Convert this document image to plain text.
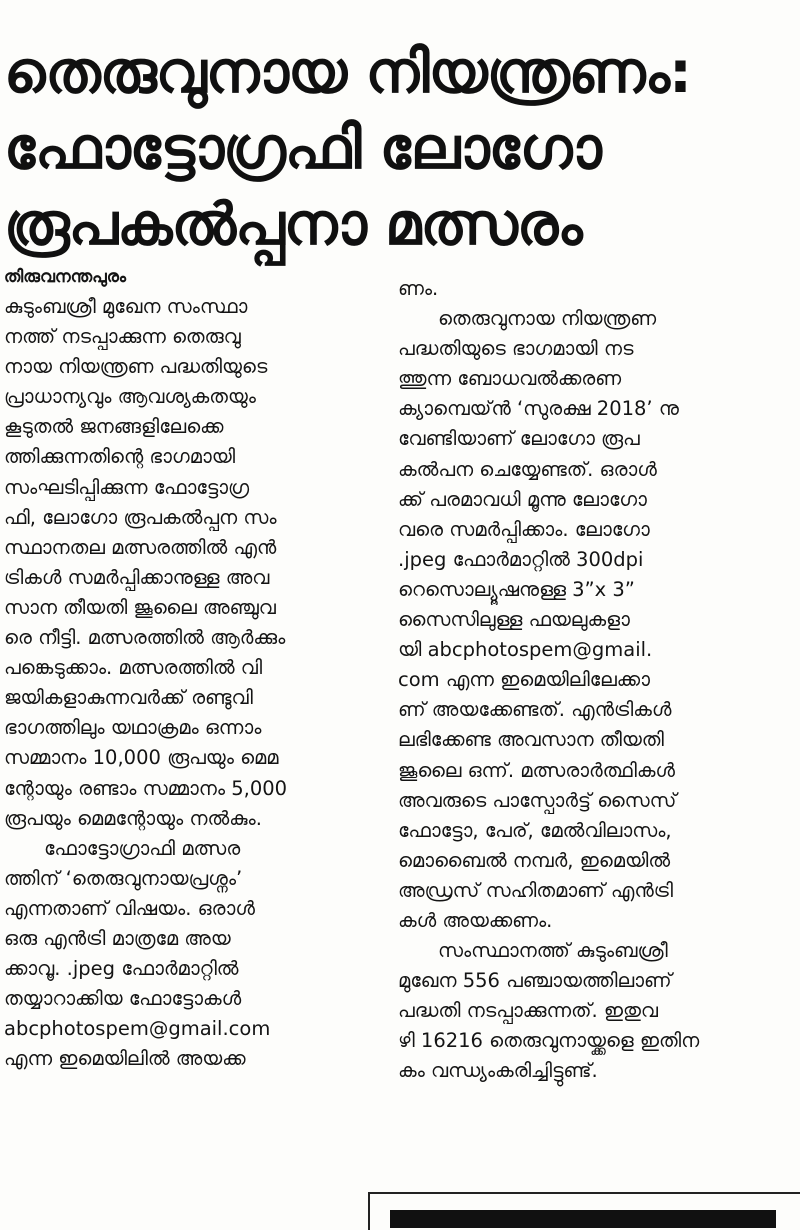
തെരുവുനായ നിയന്ത്രണം:
ഫോട്ടോഗ്രഫി ലോഗോ
രൂപകൽപ്പനാ മത്സരം
തിരുവനന്തപുരം

കുടുംബശ്രീ മുഖേന സംസ്ഥാ
നത്ത് നടപ്പാക്കുന്ന തെരുവു
നായ നിയന്ത്രണ പദ്ധതിയുടെ
പ്രാധാന്യവും ആവശ്യകതയും
കൂടുതൽ ജനങ്ങളിലേക്കെ
ത്തിക്കുന്നതിന്റെ ഭാഗമായി
സംഘടിപ്പിക്കുന്ന ഫോട്ടോഗ്ര
ഫി, ലോഗോ രൂപകൽപ്പന സം
സ്ഥാനതല മത്സരത്തിൽ എൻ
ട്രികൾ സമർപ്പിക്കാനുള്ള അവ
സാന തീയതി ജൂലൈ അഞ്ചുവ
രെ നീട്ടി. മത്സരത്തിൽ ആർക്കും
പങ്കെടുക്കാം. മത്സരത്തിൽ വി
ജയികളാകുന്നവർക്ക് രണ്ടുവി
ഭാഗത്തിലും യഥാക്രമം ഒന്നാം
സമ്മാനം 10,000 രൂപയും മെമ
ന്റോയും രണ്ടാം സമ്മാനം 5,000
രൂപയും മെമന്റോയും നൽകും.
ഫോട്ടോഗ്രാഫി മത്സര
ത്തിന് ‘തെരുവുനായപ്രശ്നം’
എന്നതാണ് വിഷയം. ഒരാൾ
ഒരു എൻട്രി മാത്രമേ അയ
ക്കാവൂ. .jpeg ഫോർമാറ്റിൽ
തയ്യാറാക്കിയ ഫോട്ടോകൾ
abcphotospem@gmail.com
എന്ന ഇമെയിലിൽ അയക്ക

ണം.
തെരുവുനായ നിയന്ത്രണ
പദ്ധതിയുടെ ഭാഗമായി നട
ത്തുന്ന ബോധവൽക്കരണ
ക്യാമ്പെയ്ൻ ‘സുരക്ഷ 2018’ നു
വേണ്ടിയാണ് ലോഗോ രൂപ
കൽപന ചെയ്യേണ്ടത്. ഒരാൾ
ക്ക് പരമാവധി മൂന്നു ലോഗോ
വരെ സമർപ്പിക്കാം. ലോഗോ
.jpeg ഫോർമാറ്റിൽ 300dpi
റെസൊല്യൂഷനുള്ള 3”x 3”
സൈസിലുള്ള ഫയലുകളാ
യി abcphotospem@gmail.
com എന്ന ഇമെയിലിലേക്കാ
ണ് അയക്കേണ്ടത്. എൻട്രികൾ
ലഭിക്കേണ്ട അവസാന തീയതി
ജൂലൈ ഒന്ന്. മത്സരാർത്ഥികൾ
അവരുടെ പാസ്പോർട്ട് സൈസ്
ഫോട്ടോ, പേര്, മേൽവിലാസം,
മൊബൈൽ നമ്പർ, ഇമെയിൽ
അഡ്രസ് സഹിതമാണ് എൻട്രി
കൾ അയക്കണം.
സംസ്ഥാനത്ത് കുടുംബശ്രീ
മുഖേന 556 പഞ്ചായത്തിലാണ്
പദ്ധതി നടപ്പാക്കുന്നത്. ഇതുവ
ഴി 16216 തെരുവുനായ്ക്കളെ ഇതിന
കം വന്ധ്യംകരിച്ചിട്ടുണ്ട്.
